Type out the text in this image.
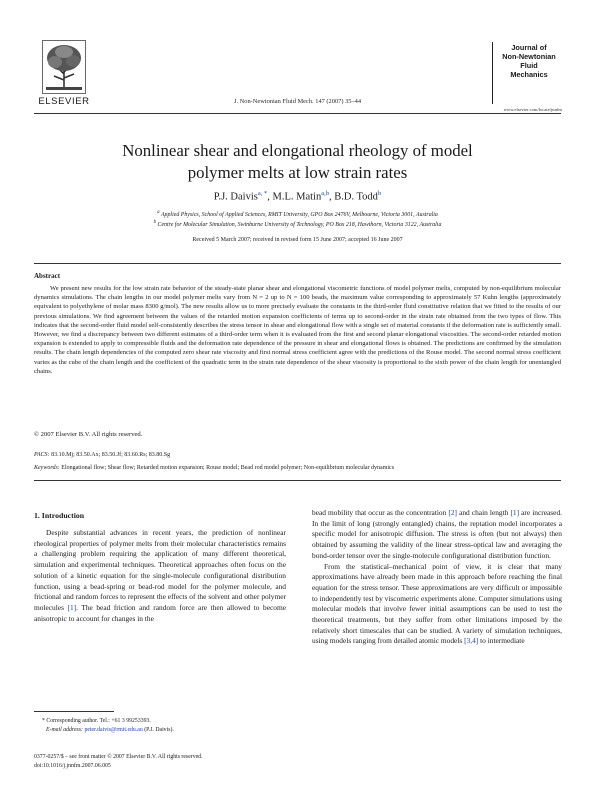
ELSEVIER	J. Non-Newtonian Fluid Mech. 147 (2007) 35–44
Journal of
Non-Newtonian
Fluid
Mechanics
www.elsevier.com/locate/jnnfm
Nonlinear shear and elongational rheology of model
polymer melts at low strain rates
P.J. Daivis$^{a, *}$, M.L. Matin$^{a,b}$, B.D. Todd$^b$
$^a$ Applied Physics, School of Applied Sciences, RMIT University, GPO Box 2476V, Melbourne, Victoria 3001, Australia
$^b$ Centre for Molecular Simulation, Swinburne University of Technology, PO Box 218, Hawthorn, Victoria 3122, Australia
Received 5 March 2007; received in revised form 15 June 2007; accepted 16 June 2007
Abstract
We present new results for the low strain rate behavior of the steady-state planar shear and elongational viscometric functions of model polymer melts, computed by non-equilibrium molecular dynamics simulations. The chain lengths in our model polymer melts vary from N = 2 up to N = 100 beads, the maximum value corresponding to approximately 57 Kuhn lengths (approximately equivalent to polyethylene of molar mass 8300 g/mol). The new results allow us to more precisely evaluate the constants in the third-order fluid constitutive relation that we fitted to the results of our previous simulations. We find agreement between the values of the retarded motion expansion coefficients of terms up to second-order in the strain rate obtained from the two types of flow. This indicates that the second-order fluid model self-consistently describes the stress tensor in shear and elongational flow with a single set of material constants if the deformation rate is sufficiently small. However, we find a discrepancy between two different estimates of a third-order term when it is evaluated from the first and second planar elongational viscosities. The second-order retarded motion expansion is extended to apply to compressible fluids and the deformation rate dependence of the pressure in shear and elongational flows is obtained. The predictions are confirmed by the simulation results. The chain length dependencies of the computed zero shear rate viscosity and first normal stress coefficient agree with the predictions of the Rouse model. The second normal stress coefficient varies as the cube of the chain length and the coefficient of the quadratic term in the strain rate dependence of the shear viscosity is proportional to the sixth power of the chain length for unentangled chains.
© 2007 Elsevier B.V. All rights reserved.
PACS: 83.10.Mj; 83.50.Ax; 83.50.Jf; 83.60.Rs; 83.80.Sg
Keywords: Elongational flow; Shear flow; Retarded motion expansion; Rouse model; Bead rod model polymer; Non-equilibrium molecular dynamics
1. Introduction

Despite substantial advances in recent years, the prediction of nonlinear rheological properties of polymer melts from their molecular characteristics remains a challenging problem requiring the application of many different theoretical, simulation and experimental techniques. Theoretical approaches often focus on the solution of a kinetic equation for the single-molecule configurational distribution function, using a bead-spring or bead-rod model for the polymer molecule, and frictional and random forces to represent the effects of the solvent and other polymer molecules [1]. The bead friction and random force are then allowed to become anisotropic to account for changes in the

bead mobility that occur as the concentration [2] and chain length [1] are increased. In the limit of long (strongly entangled) chains, the reptation model incorporates a specific model for anisotropic diffusion. The stress is often (but not always) then obtained by assuming the validity of the linear stress-optical law and averaging the bond-order tensor over the single-molecule configurational distribution function.

From the statistical–mechanical point of view, it is clear that many approximations have already been made in this approach before reaching the final equation for the stress tensor. These approximations are very difficult or impossible to independently test by viscometric experiments alone. Computer simulations using molecular models that involve fewer initial assumptions can be used to test the theoretical treatments, but they suffer from other limitations imposed by the relatively short timescales that can be studied. A variety of simulation techniques, using models ranging from detailed atomic models [3,4] to intermediate

* Corresponding author. Tel.: +61 3 99253393.
E-mail address: peter.daivis@rmit.edu.au (P.J. Daivis).
0377-0257/$ – see front matter © 2007 Elsevier B.V. All rights reserved.
doi:10.1016/j.jnnfm.2007.06.005
